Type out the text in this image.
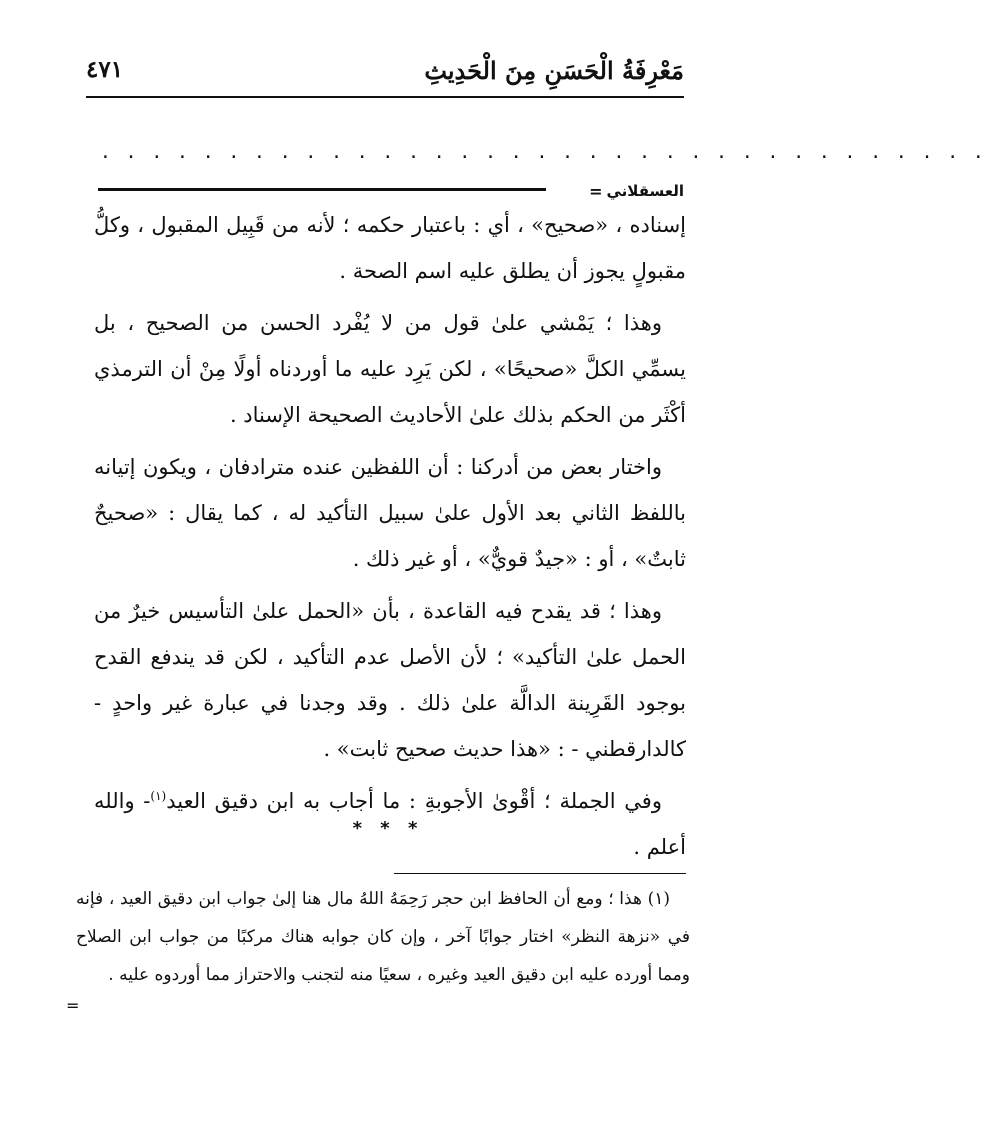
مَعْرِفَةُ الْحَسَنِ مِنَ الْحَدِيثِ
٤٧١
. . . . . . . . . . . . . . . . . . . . . . . . . . . . . . . . . . .
العسقلاني
=

إسناده ، «صحيح» ، أي : باعتبار حكمه ؛ لأنه من قَبِيل المقبول ، وكلُّ مقبولٍ يجوز أن يطلق عليه اسم الصحة .

وهذا ؛ يَمْشي علىٰ قول من لا يُفْرد الحسن من الصحيح ، بل يسمِّي الكلَّ «صحيحًا» ، لكن يَرِد عليه ما أوردناه أولًا مِنْ أن الترمذي أكْثَر من الحكم بذلك علىٰ الأحاديث الصحيحة الإسناد .

واختار بعض من أدركنا : أن اللفظين عنده مترادفان ، ويكون إتيانه باللفظ الثاني بعد الأول علىٰ سبيل التأكيد له ، كما يقال : «صحيحٌ ثابتٌ» ، أو : «جيدٌ قويٌّ» ، أو غير ذلك .

وهذا ؛ قد يقدح فيه القاعدة ، بأن «الحمل علىٰ التأسيس خيرٌ من الحمل علىٰ التأكيد» ؛ لأن الأصل عدم التأكيد ، لكن قد يندفع القدح بوجود القَرِينة الدالَّة علىٰ ذلك . وقد وجدنا في عبارة غير واحدٍ - كالدارقطني - : «هذا حديث صحيح ثابت» .

وفي الجملة ؛ أقْوىٰ الأجوبةِ : ما أجاب به ابن دقيق العيد$^{(١)}$- والله أعلم .

* * *

(١) هذا ؛ ومع أن الحافظ ابن حجر رَحِمَهُ اللهُ مال هنا إلىٰ جواب ابن دقيق العيد ، فإنه في «نزهة النظر» اختار جوابًا آخر ، وإن كان جوابه هناك مركبًا من جواب ابن الصلاح ومما أورده عليه ابن دقيق العيد وغيره ، سعيًا منه لتجنب والاحتراز مما أوردوه عليه .

=
